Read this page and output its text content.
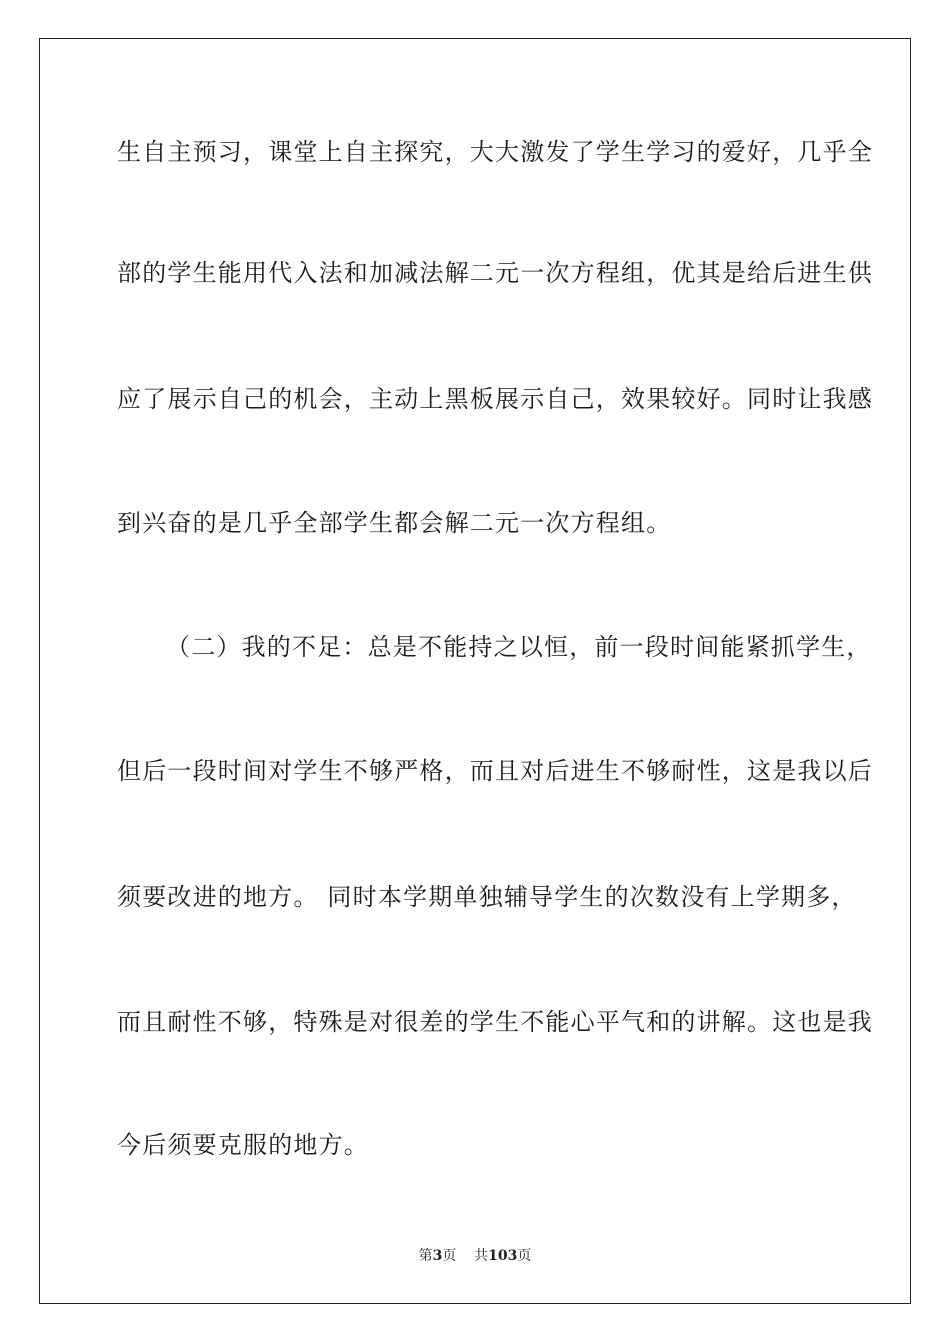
生自主预习，课堂上自主探究，大大激发了学生学习的爱好，几乎全
部的学生能用代入法和加减法解二元一次方程组，优其是给后进生供
应了展示自己的机会，主动上黑板展示自己，效果较好。同时让我感
到兴奋的是几乎全部学生都会解二元一次方程组。
（二）我的不足：总是不能持之以恒，前一段时间能紧抓学生，
但后一段时间对学生不够严格，而且对后进生不够耐性，这是我以后
须要改进的地方。 同时本学期单独辅导学生的次数没有上学期多，
而且耐性不够，特殊是对很差的学生不能心平气和的讲解。这也是我
今后须要克服的地方。
第3页 共103页
